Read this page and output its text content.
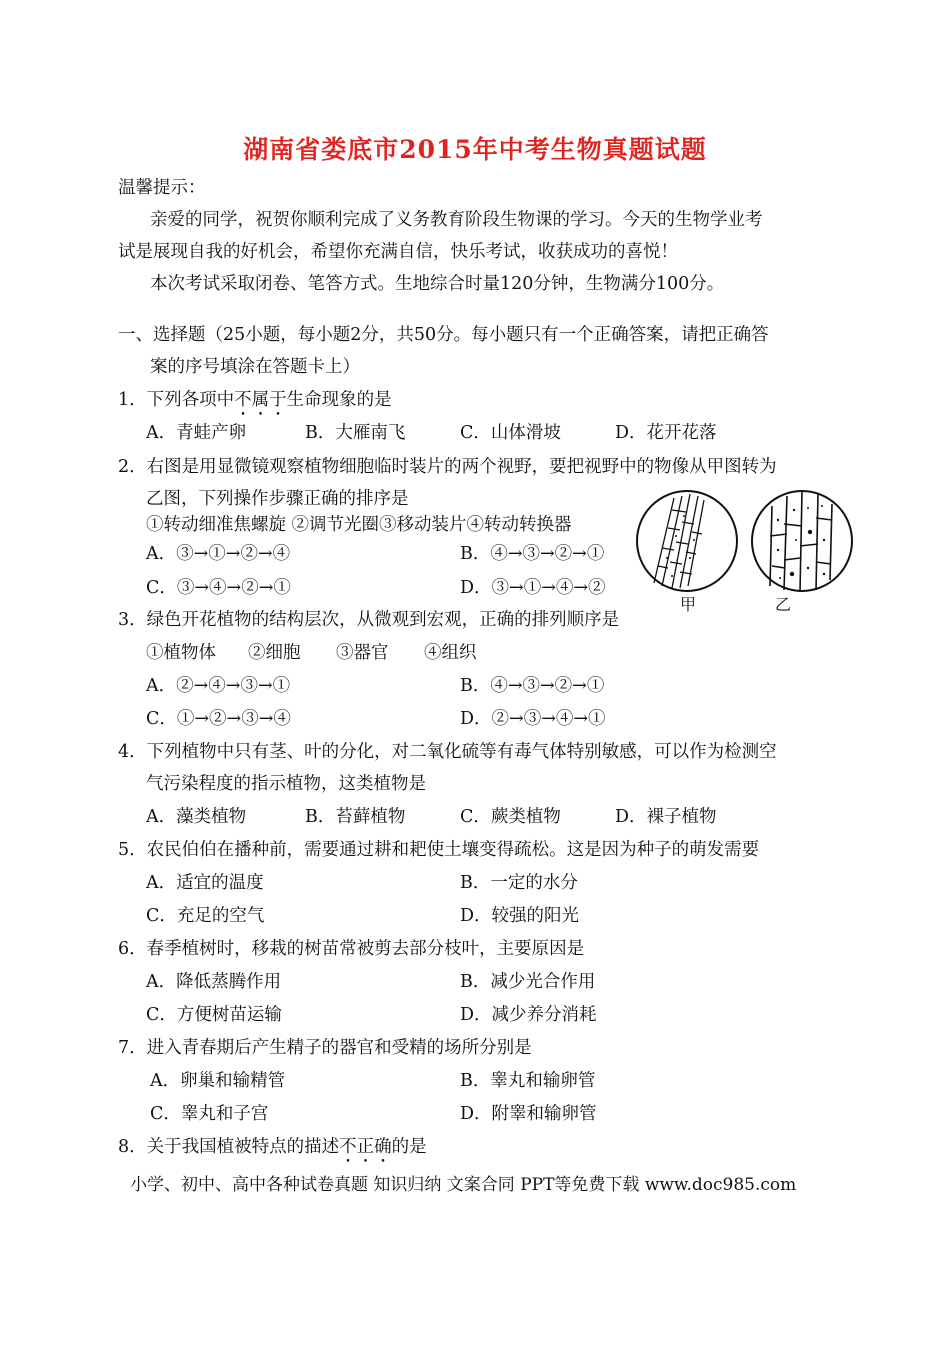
湖南省娄底市2015年中考生物真题试题
温馨提示：
亲爱的同学，祝贺你顺利完成了义务教育阶段生物课的学习。今天的生物学业考
试是展现自我的好机会，希望你充满自信，快乐考试，收获成功的喜悦！
本次考试采取闭卷、笔答方式。生地综合时量120分钟，生物满分100分。
一、选择题（25小题，每小题2分，共50分。每小题只有一个正确答案，请把正确答
案的序号填涂在答题卡上）
1．下列各项中不属于生命现象的是
A．青蛙产卵	B．大雁南飞	C．山体滑坡	D．花开花落
2．右图是用显微镜观察植物细胞临时装片的两个视野，要把视野中的物像从甲图转为
乙图，下列操作步骤正确的排序是
①转动细准焦螺旋 ②调节光圈③移动装片④转动转换器
A．③→①→②→④	B．④→③→②→①
C．③→④→②→①	D．③→①→④→②
甲	乙
3．绿色开花植物的结构层次，从微观到宏观，正确的排列顺序是
①植物体 ②细胞 ③器官 ④组织
A．②→④→③→①	B．④→③→②→①
C．①→②→③→④	D．②→③→④→①
4．下列植物中只有茎、叶的分化，对二氧化硫等有毒气体特别敏感，可以作为检测空
气污染程度的指示植物，这类植物是
A．藻类植物	B．苔藓植物	C．蕨类植物	D．裸子植物
5．农民伯伯在播种前，需要通过耕和耙使土壤变得疏松。这是因为种子的萌发需要
A．适宜的温度	B．一定的水分
C．充足的空气	D．较强的阳光
6．春季植树时，移栽的树苗常被剪去部分枝叶，主要原因是
A．降低蒸腾作用	B．减少光合作用
C．方便树苗运输	D．减少养分消耗
7．进入青春期后产生精子的器官和受精的场所分别是
A．卵巢和输精管	B．睾丸和输卵管
C．睾丸和子宫	D．附睾和输卵管
8．关于我国植被特点的描述不正确的是
小学、初中、高中各种试卷真题 知识归纳 文案合同 PPT等免费下载 www.doc985.com
